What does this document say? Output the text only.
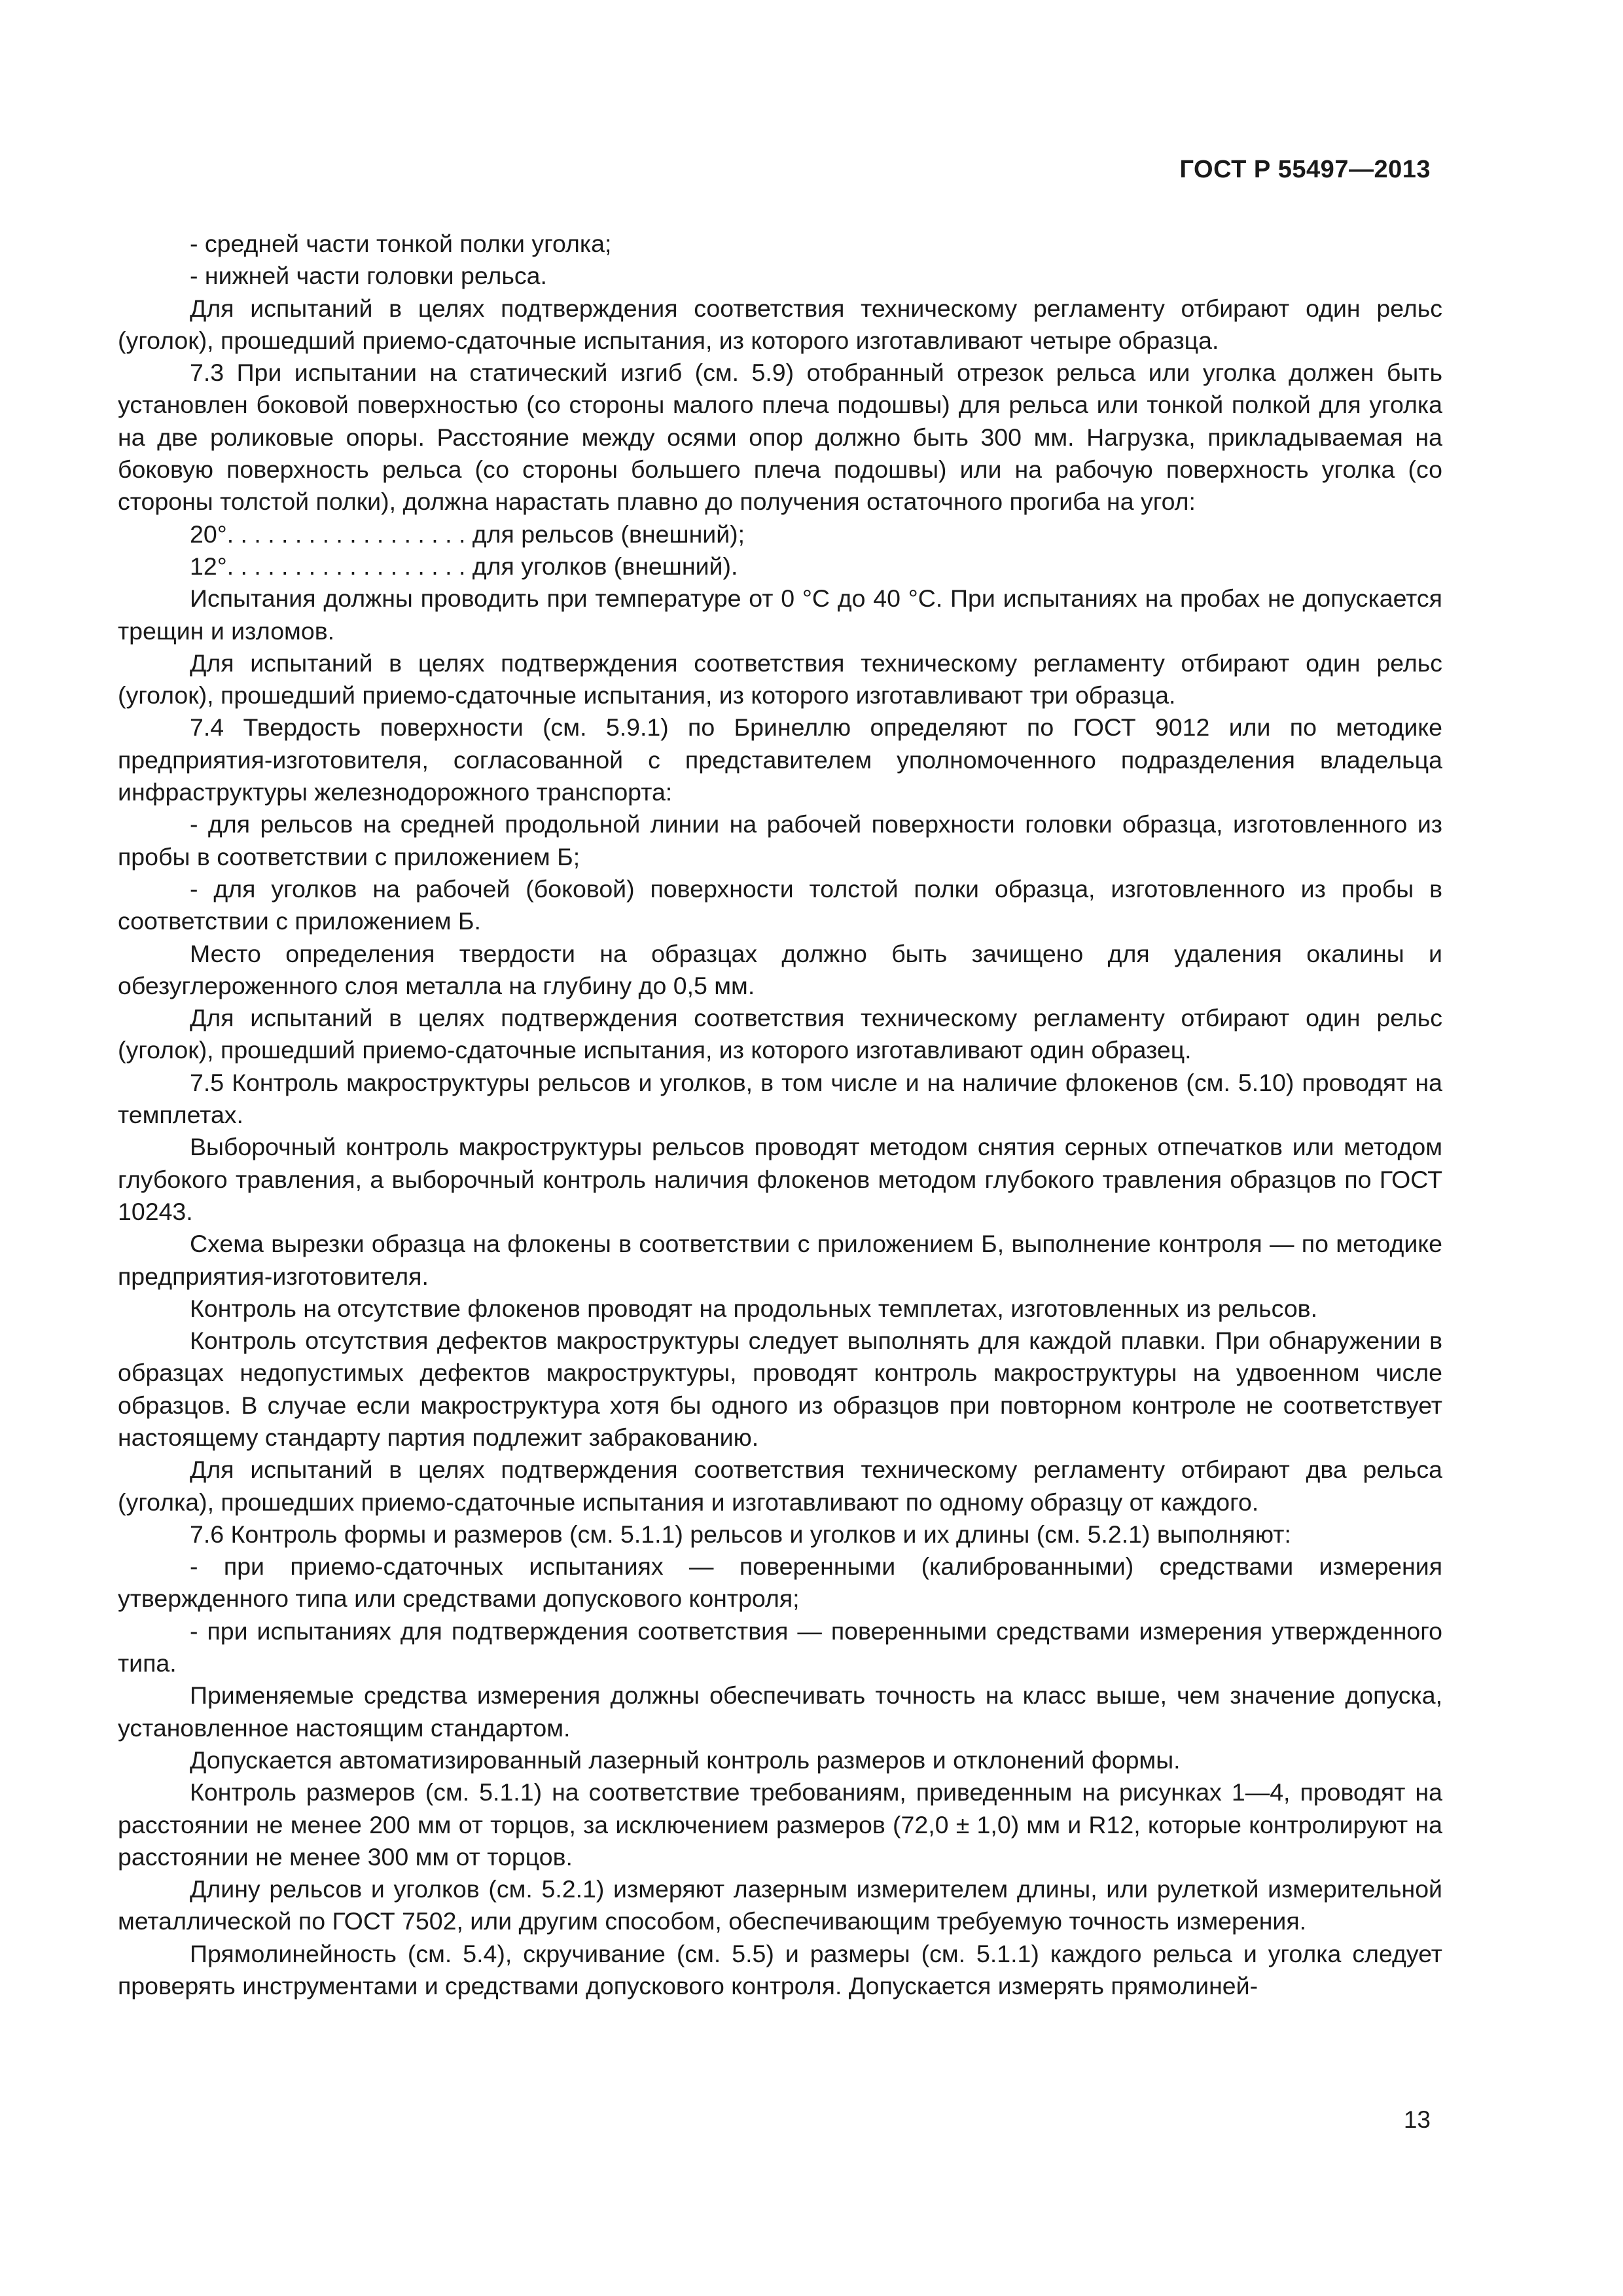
ГОСТ Р 55497—2013

- средней части тонкой полки уголка;

- нижней части головки рельса.

Для испытаний в целях подтверждения соответствия техническому регламенту отбирают один рельс (уголок), прошедший приемо-сдаточные испытания, из которого изготавливают четыре образца.

7.3 При испытании на статический изгиб (см. 5.9) отобранный отрезок рельса или уголка должен быть установлен боковой поверхностью (со стороны малого плеча подошвы) для рельса или тонкой полкой для уголка на две роликовые опоры. Расстояние между осями опор должно быть 300 мм. Нагрузка, прикладываемая на боковую поверхность рельса (со стороны большего плеча подошвы) или на рабочую поверхность уголка (со стороны толстой полки), должна нарастать плавно до получения остаточного прогиба на угол:

20°. . . . . . . . . . . . . . . . . . для рельсов (внешний);

12°. . . . . . . . . . . . . . . . . . для уголков (внешний).

Испытания должны проводить при температуре от 0 °С до 40 °С. При испытаниях на пробах не допускается трещин и изломов.

Для испытаний в целях подтверждения соответствия техническому регламенту отбирают один рельс (уголок), прошедший приемо-сдаточные испытания, из которого изготавливают три образца.

7.4 Твердость поверхности (см. 5.9.1) по Бринеллю определяют по ГОСТ 9012 или по методике предприятия-изготовителя, согласованной с представителем уполномоченного подразделения владельца инфраструктуры железнодорожного транспорта:

- для рельсов на средней продольной линии на рабочей поверхности головки образца, изготовленного из пробы в соответствии с приложением Б;

- для уголков на рабочей (боковой) поверхности толстой полки образца, изготовленного из пробы в соответствии с приложением Б.

Место определения твердости на образцах должно быть зачищено для удаления окалины и обезуглероженного слоя металла на глубину до 0,5 мм.

Для испытаний в целях подтверждения соответствия техническому регламенту отбирают один рельс (уголок), прошедший приемо-сдаточные испытания, из которого изготавливают один образец.

7.5 Контроль макроструктуры рельсов и уголков, в том числе и на наличие флокенов (см. 5.10) проводят на темплетах.

Выборочный контроль макроструктуры рельсов проводят методом снятия серных отпечатков или методом глубокого травления, а выборочный контроль наличия флокенов методом глубокого травления образцов по ГОСТ 10243.

Схема вырезки образца на флокены в соответствии с приложением Б, выполнение контроля — по методике предприятия-изготовителя.

Контроль на отсутствие флокенов проводят на продольных темплетах, изготовленных из рельсов.

Контроль отсутствия дефектов макроструктуры следует выполнять для каждой плавки. При обнаружении в образцах недопустимых дефектов макроструктуры, проводят контроль макроструктуры на удвоенном числе образцов. В случае если макроструктура хотя бы одного из образцов при повторном контроле не соответствует настоящему стандарту партия подлежит забракованию.

Для испытаний в целях подтверждения соответствия техническому регламенту отбирают два рельса (уголка), прошедших приемо-сдаточные испытания и изготавливают по одному образцу от каждого.

7.6 Контроль формы и размеров (см. 5.1.1) рельсов и уголков и их длины (см. 5.2.1) выполняют:

- при приемо-сдаточных испытаниях — поверенными (калиброванными) средствами измерения утвержденного типа или средствами допускового контроля;

- при испытаниях для подтверждения соответствия — поверенными средствами измерения утвержденного типа.

Применяемые средства измерения должны обеспечивать точность на класс выше, чем значение допуска, установленное настоящим стандартом.

Допускается автоматизированный лазерный контроль размеров и отклонений формы.

Контроль размеров (см. 5.1.1) на соответствие требованиям, приведенным на рисунках 1—4, проводят на расстоянии не менее 200 мм от торцов, за исключением размеров (72,0 ± 1,0) мм и R12, которые контролируют на расстоянии не менее 300 мм от торцов.

Длину рельсов и уголков (см. 5.2.1) измеряют лазерным измерителем длины, или рулеткой измерительной металлической по ГОСТ 7502, или другим способом, обеспечивающим требуемую точность измерения.

Прямолинейность (см. 5.4), скручивание (см. 5.5) и размеры (см. 5.1.1) каждого рельса и уголка следует проверять инструментами и средствами допускового контроля. Допускается измерять прямолиней-

13
